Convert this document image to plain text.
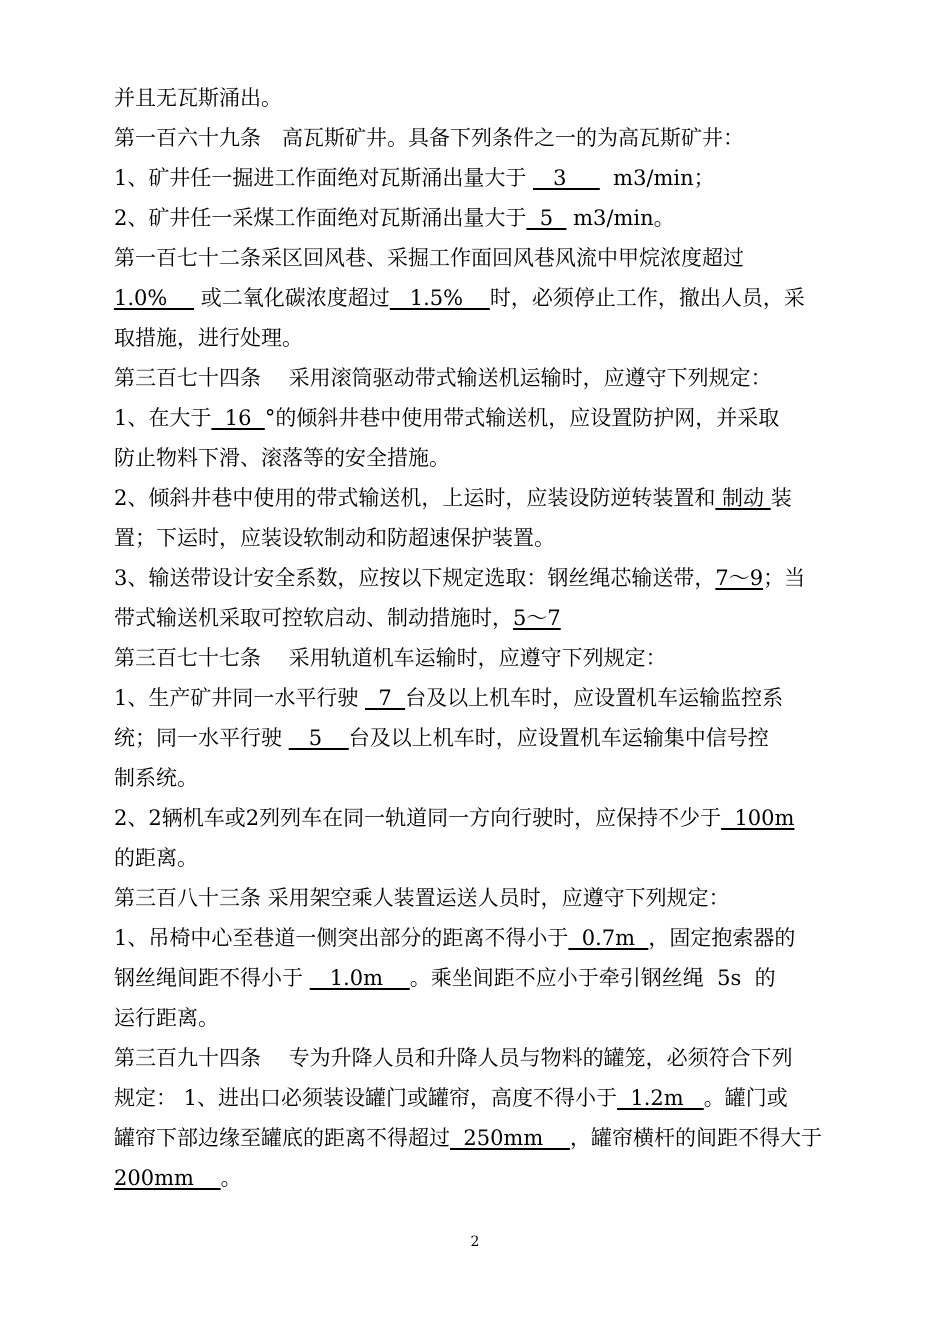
并且无瓦斯涌出。
第一百六十九条　高瓦斯矿井。具备下列条件之一的为高瓦斯矿井：
1、矿井任一掘进工作面绝对瓦斯涌出量大于    3       m3/min；
2、矿井任一采煤工作面绝对瓦斯涌出量大于  5   m3/min。
第一百七十二条采区回风巷、采掘工作面回风巷风流中甲烷浓度超过
1.0%     或二氧化碳浓度超过   1.5%    时，必须停止工作，撤出人员，采
取措施，进行处理。
第三百七十四条　 采用滚筒驱动带式输送机运输时，应遵守下列规定：
1、在大于  16  °的倾斜井巷中使用带式输送机，应设置防护网，并采取
防止物料下滑、滚落等的安全措施。
2、倾斜井巷中使用的带式输送机，上运时，应装设防逆转装置和 制动 装
置；下运时，应装设软制动和防超速保护装置。
3、输送带设计安全系数，应按以下规定选取：钢丝绳芯输送带，7～9；当
带式输送机采取可控软启动、制动措施时，5～7
第三百七十七条　 采用轨道机车运输时，应遵守下列规定：
1、生产矿井同一水平行驶   7  台及以上机车时，应设置机车运输监控系
统；同一水平行驶    5    台及以上机车时，应设置机车运输集中信号控
制系统。
2、2辆机车或2列列车在同一轨道同一方向行驶时，应保持不少于  100m
的距离。
第三百八十三条 采用架空乘人装置运送人员时，应遵守下列规定：
1、吊椅中心至巷道一侧突出部分的距离不得小于  0.7m  ，固定抱索器的
钢丝绳间距不得小于    1.0m    。乘坐间距不应小于牵引钢丝绳  5s  的
运行距离。
第三百九十四条　 专为升降人员和升降人员与物料的罐笼，必须符合下列
规定： 1、进出口必须装设罐门或罐帘，高度不得小于  1.2m   。罐门或
罐帘下部边缘至罐底的距离不得超过  250mm    ，罐帘横杆的间距不得大于
200mm    。
2
